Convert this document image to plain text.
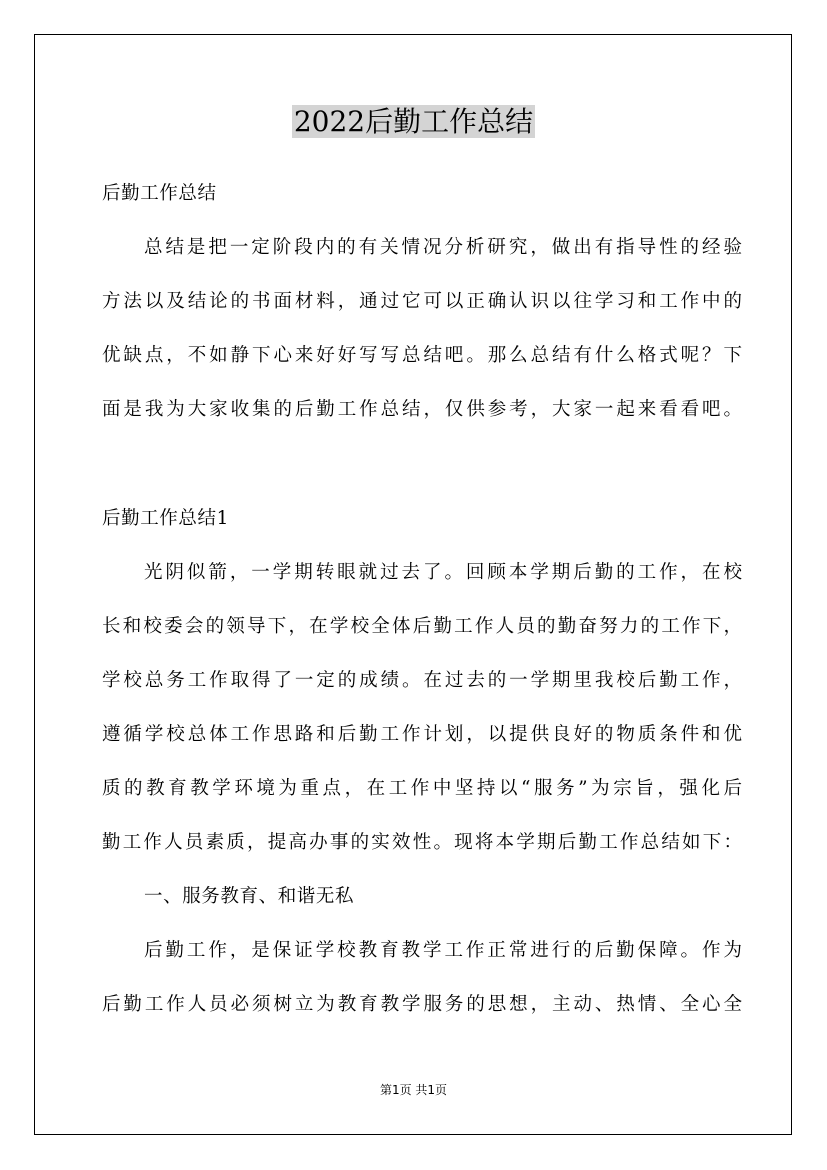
2022后勤工作总结

后勤工作总结

总结是把一定阶段内的有关情况分析研究，做出有指导性的经验

方法以及结论的书面材料，通过它可以正确认识以往学习和工作中的

优缺点，不如静下心来好好写写总结吧。那么总结有什么格式呢？下

面是我为大家收集的后勤工作总结，仅供参考，大家一起来看看吧。

后勤工作总结1

光阴似箭，一学期转眼就过去了。回顾本学期后勤的工作，在校

长和校委会的领导下，在学校全体后勤工作人员的勤奋努力的工作下，

学校总务工作取得了一定的成绩。在过去的一学期里我校后勤工作，

遵循学校总体工作思路和后勤工作计划，以提供良好的物质条件和优

质的教育教学环境为重点，在工作中坚持以“服务”为宗旨，强化后

勤工作人员素质，提高办事的实效性。现将本学期后勤工作总结如下：

一、服务教育、和谐无私

后勤工作，是保证学校教育教学工作正常进行的后勤保障。作为

后勤工作人员必须树立为教育教学服务的思想，主动、热情、全心全

第1页 共1页
